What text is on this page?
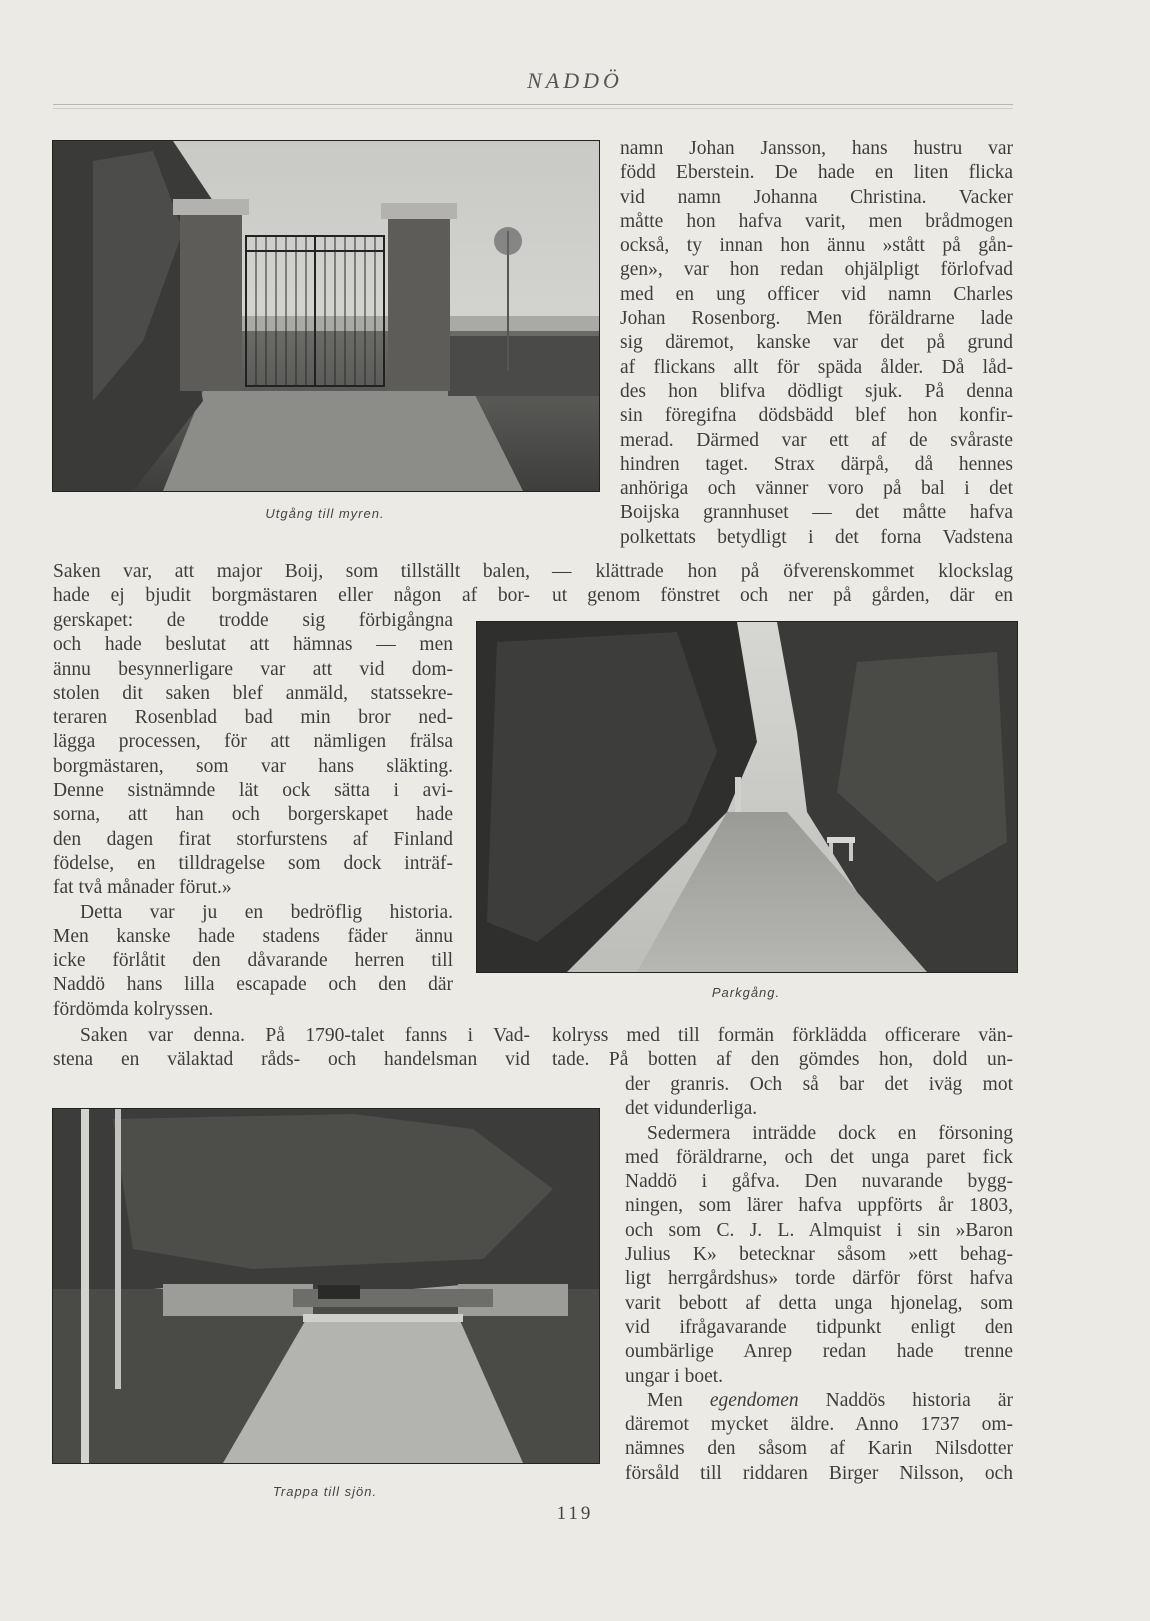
NADDÖ
Utgång till myren.

namn Johan Jansson, hans hustru var

född Eberstein. De hade en liten flicka

vid namn Johanna Christina. Vacker

måtte hon hafva varit, men brådmogen

också, ty innan hon ännu »stått på gån-

gen», var hon redan ohjälpligt förlofvad

med en ung officer vid namn Charles

Johan Rosenborg. Men föräldrarne lade

sig däremot, kanske var det på grund

af flickans allt för späda ålder. Då låd-

des hon blifva dödligt sjuk. På denna

sin föregifna dödsbädd blef hon konfir-

merad. Därmed var ett af de svåraste

hindren taget. Strax därpå, då hennes

anhöriga och vänner voro på bal i det

Boijska grannhuset — det måtte hafva

polkettats betydligt i det forna Vadstena

— klättrade hon på öfverenskommet klockslag

ut genom fönstret och ner på gården, där en

Saken var, att major Boij, som tillställt balen,

hade ej bjudit borgmästaren eller någon af bor-

gerskapet: de trodde sig förbigångna

och hade beslutat att hämnas — men

ännu besynnerligare var att vid dom-

stolen dit saken blef anmäld, statssekre-

teraren Rosenblad bad min bror ned-

lägga processen, för att nämligen frälsa

borgmästaren, som var hans släkting.

Denne sistnämnde lät ock sätta i avi-

sorna, att han och borgerskapet hade

den dagen firat storfurstens af Finland

födelse, en tilldragelse som dock inträf-

fat två månader förut.»

Detta var ju en bedröflig historia.

Men kanske hade stadens fäder ännu

icke förlåtit den dåvarande herren till

Naddö hans lilla escapade och den där

fördömda kolryssen.

Parkgång.

Saken var denna. På 1790-talet fanns i Vad-

stena en välaktad råds- och handelsman vid

kolryss med till formän förklädda officerare vän-

tade. På botten af den gömdes hon, dold un-

Trappa till sjön.

der granris. Och så bar det iväg mot

det vidunderliga.

Sedermera inträdde dock en försoning

med föräldrarne, och det unga paret fick

Naddö i gåfva. Den nuvarande bygg-

ningen, som lärer hafva uppförts år 1803,

och som C. J. L. Almquist i sin »Baron

Julius K» betecknar såsom »ett behag-

ligt herrgårdshus» torde därför först hafva

varit bebott af detta unga hjonelag, som

vid ifrågavarande tidpunkt enligt den

oumbärlige Anrep redan hade trenne

ungar i boet.

Men egendomen Naddös historia är

däremot mycket äldre. Anno 1737 om-

nämnes den såsom af Karin Nilsdotter

försåld till riddaren Birger Nilsson, och

119
